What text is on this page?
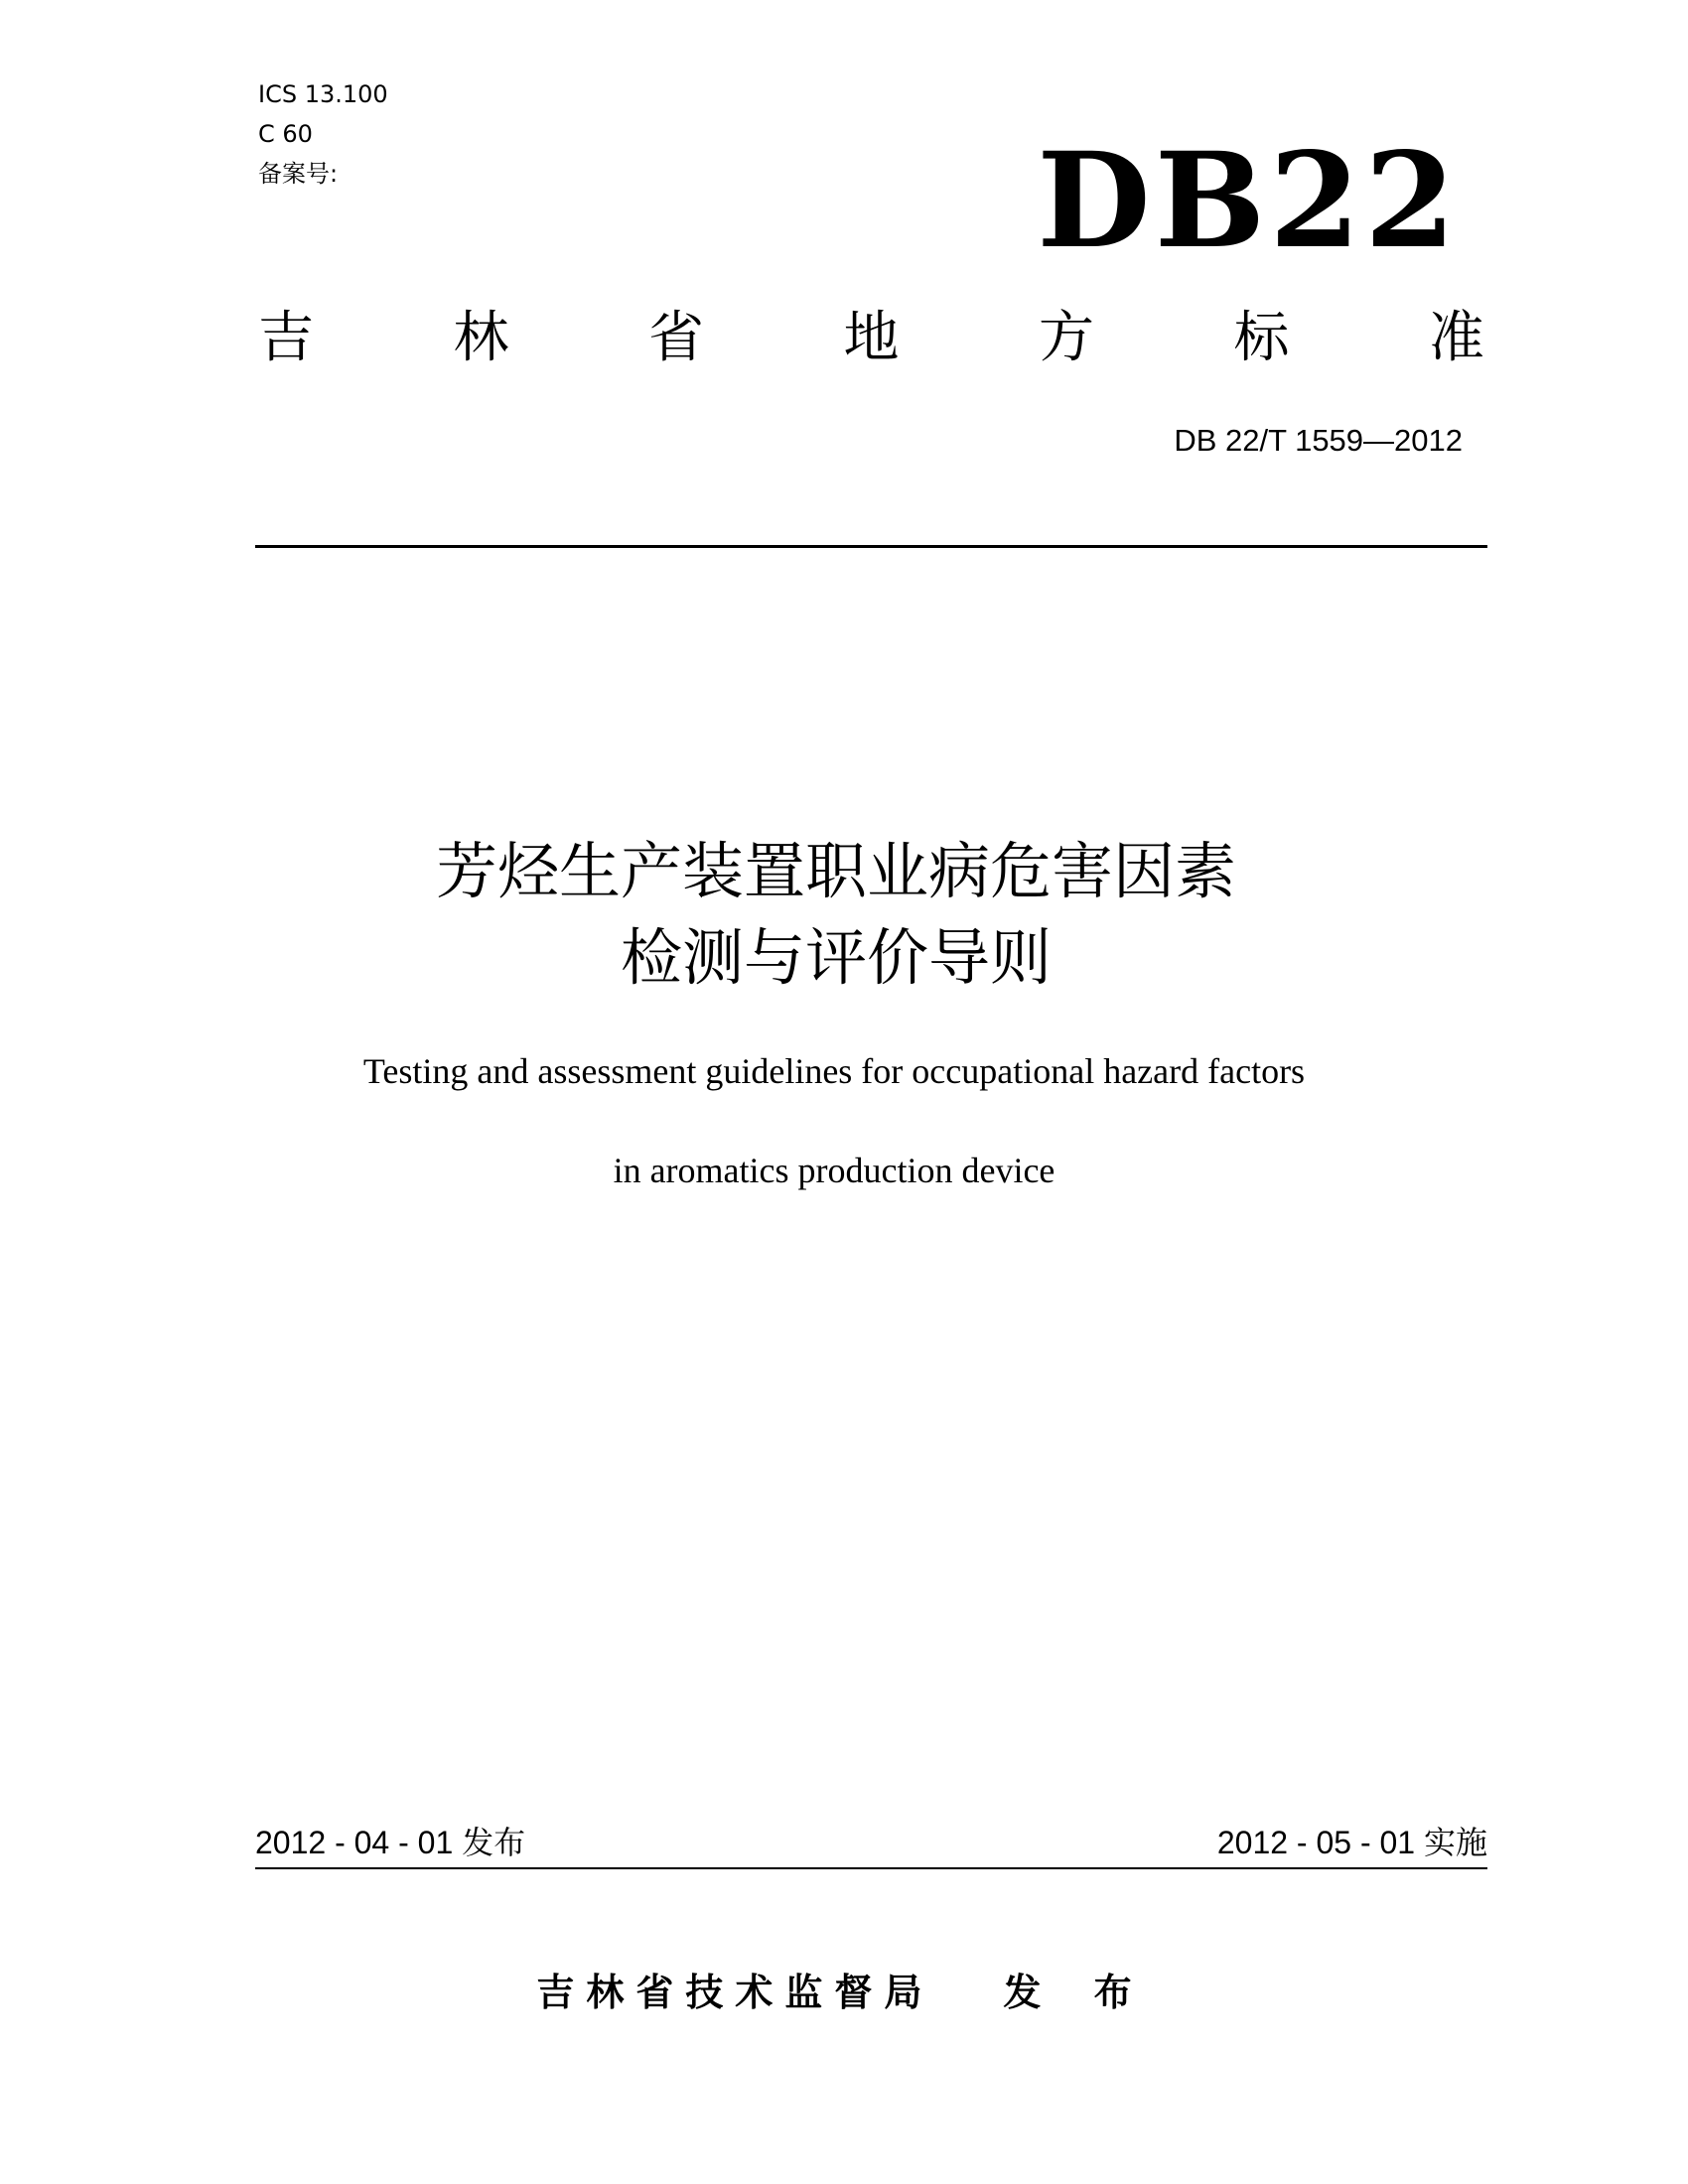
ICS 13.100
C 60
备案号:	DB22
吉	林	省	地	方	标	准
DB 22/T 1559—2012
芳烃生产装置职业病危害因素
检测与评价导则
Testing and assessment guidelines for occupational hazard factors
in aromatics production device
2012 - 04 - 01 发布	2012 - 05 - 01 实施
吉林省技术监督局 发 布
